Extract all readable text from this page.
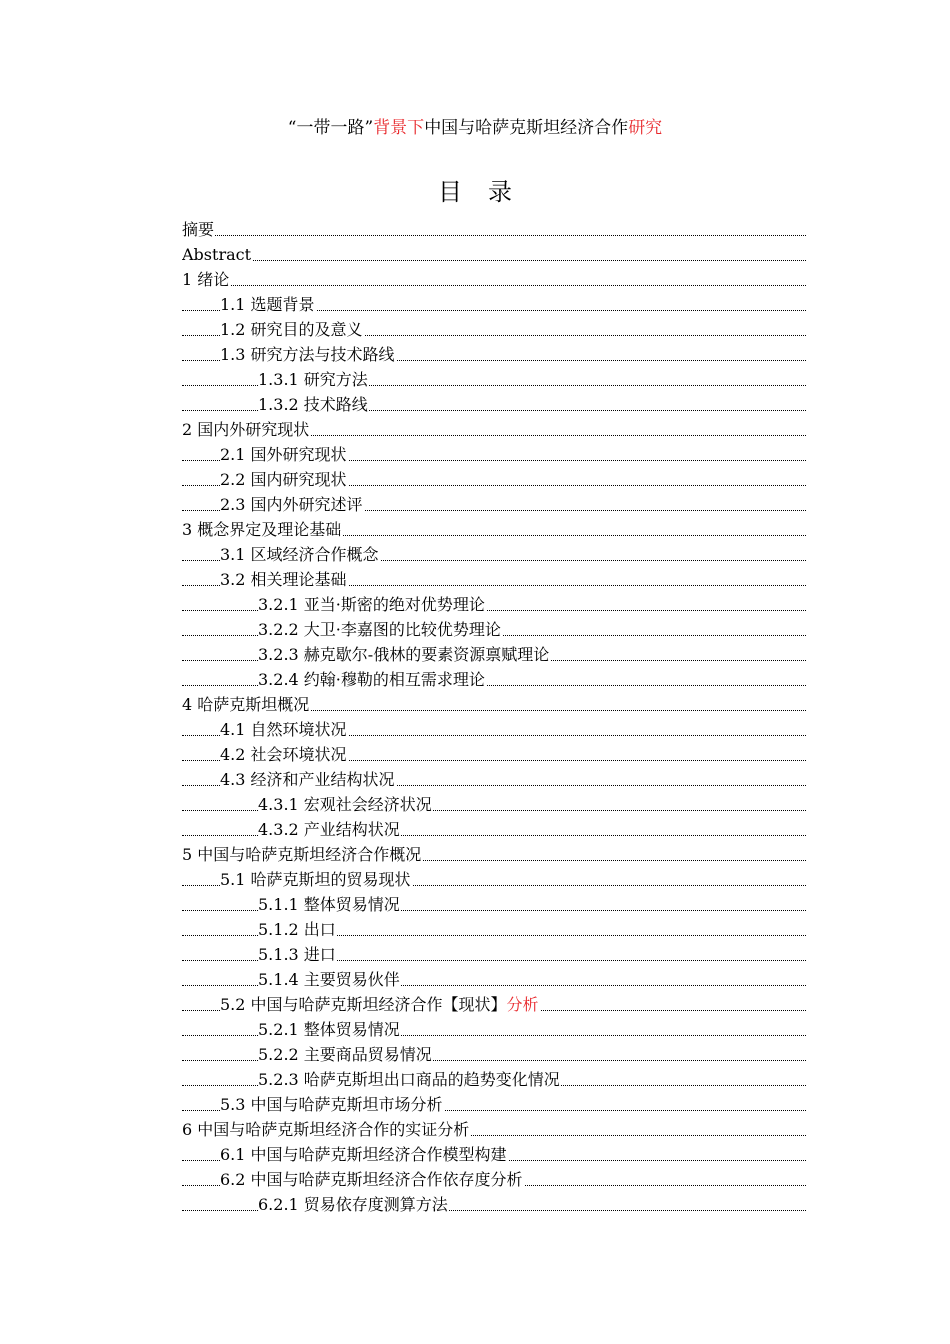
“一带一路”背景下中国与哈萨克斯坦经济合作研究
目录
摘要
Abstract
1 绪论
1.1 选题背景
1.2 研究目的及意义
1.3 研究方法与技术路线
1.3.1 研究方法
1.3.2 技术路线
2 国内外研究现状
2.1 国外研究现状
2.2 国内研究现状
2.3 国内外研究述评
3 概念界定及理论基础
3.1 区域经济合作概念
3.2 相关理论基础
3.2.1 亚当·斯密的绝对优势理论
3.2.2 大卫·李嘉图的比较优势理论
3.2.3 赫克歇尔-俄林的要素资源禀赋理论
3.2.4 约翰·穆勒的相互需求理论
4 哈萨克斯坦概况
4.1 自然环境状况
4.2 社会环境状况
4.3 经济和产业结构状况
4.3.1 宏观社会经济状况
4.3.2 产业结构状况
5 中国与哈萨克斯坦经济合作概况
5.1 哈萨克斯坦的贸易现状
5.1.1 整体贸易情况
5.1.2 出口
5.1.3 进口
5.1.4 主要贸易伙伴
5.2 中国与哈萨克斯坦经济合作【现状】分析
5.2.1 整体贸易情况
5.2.2 主要商品贸易情况
5.2.3 哈萨克斯坦出口商品的趋势变化情况
5.3 中国与哈萨克斯坦市场分析
6 中国与哈萨克斯坦经济合作的实证分析
6.1 中国与哈萨克斯坦经济合作模型构建
6.2 中国与哈萨克斯坦经济合作依存度分析
6.2.1 贸易依存度测算方法
